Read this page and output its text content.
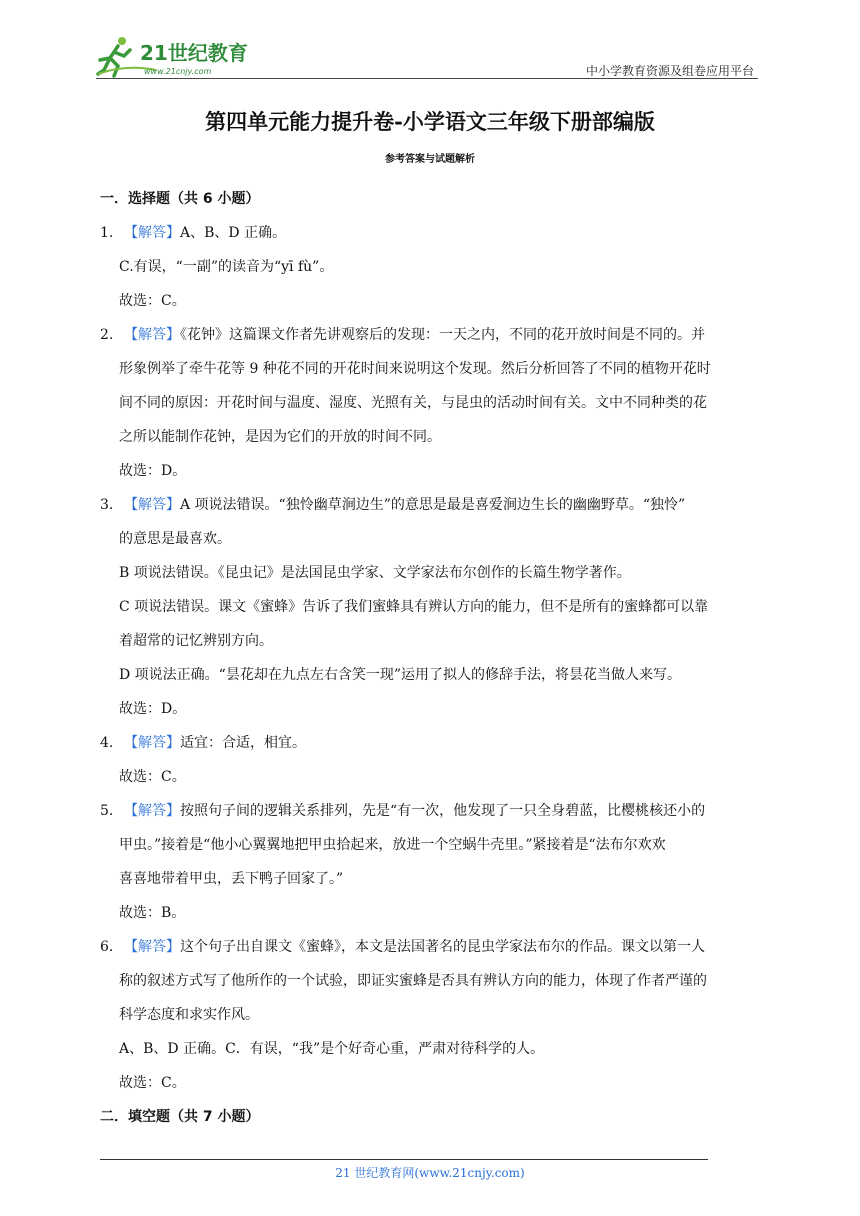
21世纪教育
www.21cnjy.com	中小学教育资源及组卷应用平台
第四单元能力提升卷-小学语文三年级下册部编版
参考答案与试题解析
一．选择题（共 6 小题）
1. 【解答】A、B、D 正确。
C.有误，“一副”的读音为“yī fù”。
故选：C。
2. 【解答】《花钟》这篇课文作者先讲观察后的发现：一天之内，不同的花开放时间是不同的。并
形象例举了牵牛花等 9 种花不同的开花时间来说明这个发现。然后分析回答了不同的植物开花时
间不同的原因：开花时间与温度、湿度、光照有关，与昆虫的活动时间有关。文中不同种类的花
之所以能制作花钟，是因为它们的开放的时间不同。
故选：D。
3. 【解答】A 项说法错误。“独怜幽草涧边生”的意思是最是喜爱涧边生长的幽幽野草。“独怜”
的意思是最喜欢。
B 项说法错误。《昆虫记》是法国昆虫学家、文学家法布尔创作的长篇生物学著作。
C 项说法错误。课文《蜜蜂》告诉了我们蜜蜂具有辨认方向的能力，但不是所有的蜜蜂都可以靠
着超常的记忆辨别方向。
D 项说法正确。“昙花却在九点左右含笑一现”运用了拟人的修辞手法，将昙花当做人来写。
故选：D。
4. 【解答】适宜：合适，相宜。
故选：C。
5. 【解答】按照句子间的逻辑关系排列，先是“有一次，他发现了一只全身碧蓝，比樱桃核还小的
甲虫。”接着是“他小心翼翼地把甲虫拾起来，放进一个空蜗牛壳里。”紧接着是“法布尔欢欢
喜喜地带着甲虫，丢下鸭子回家了。”
故选：B。
6. 【解答】这个句子出自课文《蜜蜂》，本文是法国著名的昆虫学家法布尔的作品。课文以第一人
称的叙述方式写了他所作的一个试验，即证实蜜蜂是否具有辨认方向的能力，体现了作者严谨的
科学态度和求实作风。
A、B、D 正确。C．有误，“我”是个好奇心重，严肃对待科学的人。
故选：C。
二．填空题（共 7 小题）
21 世纪教育网(www.21cnjy.com)
